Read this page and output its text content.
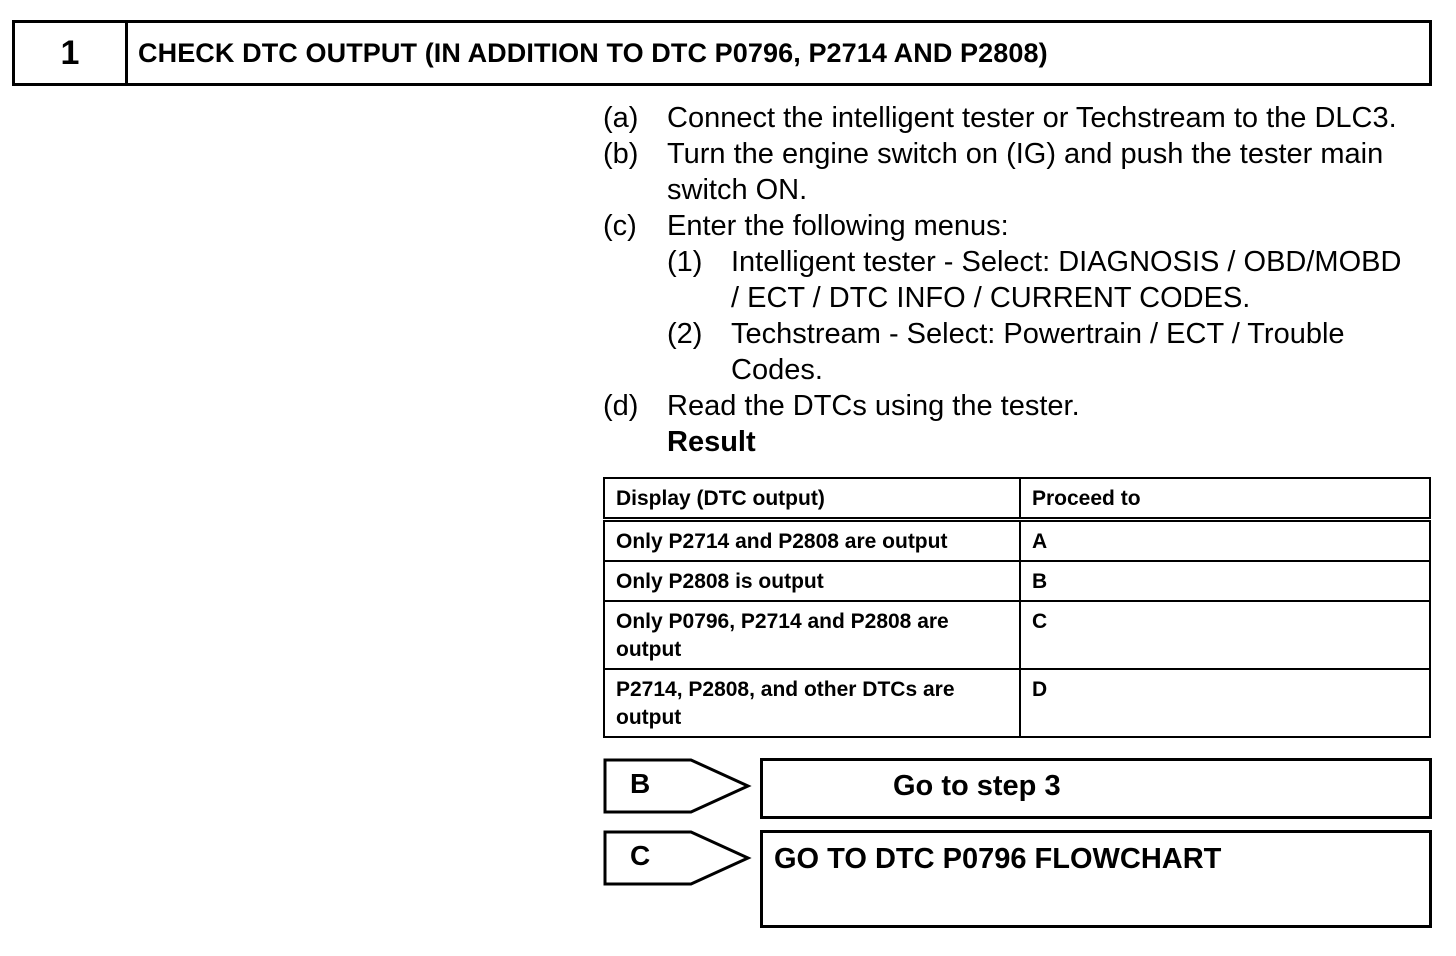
1	CHECK DTC OUTPUT (IN ADDITION TO DTC P0796, P2714 AND P2808)
(a) Connect the intelligent tester or Techstream to the DLC3.
(b) Turn the engine switch on (IG) and push the tester main
switch ON.
(c) Enter the following menus:
(1) Intelligent tester - Select: DIAGNOSIS / OBD/MOBD
/ ECT / DTC INFO / CURRENT CODES.
(2) Techstream - Select: Powertrain / ECT / Trouble
Codes.
(d) Read the DTCs using the tester.
Result
Display (DTC output)	Proceed to
Only P2714 and P2808 are output	A
Only P2808 is output	B
Only P0796, P2714 and P2808 are output	C
P2714, P2808, and other DTCs are output	D
B	Go to step 3
C	GO TO DTC P0796 FLOWCHART
